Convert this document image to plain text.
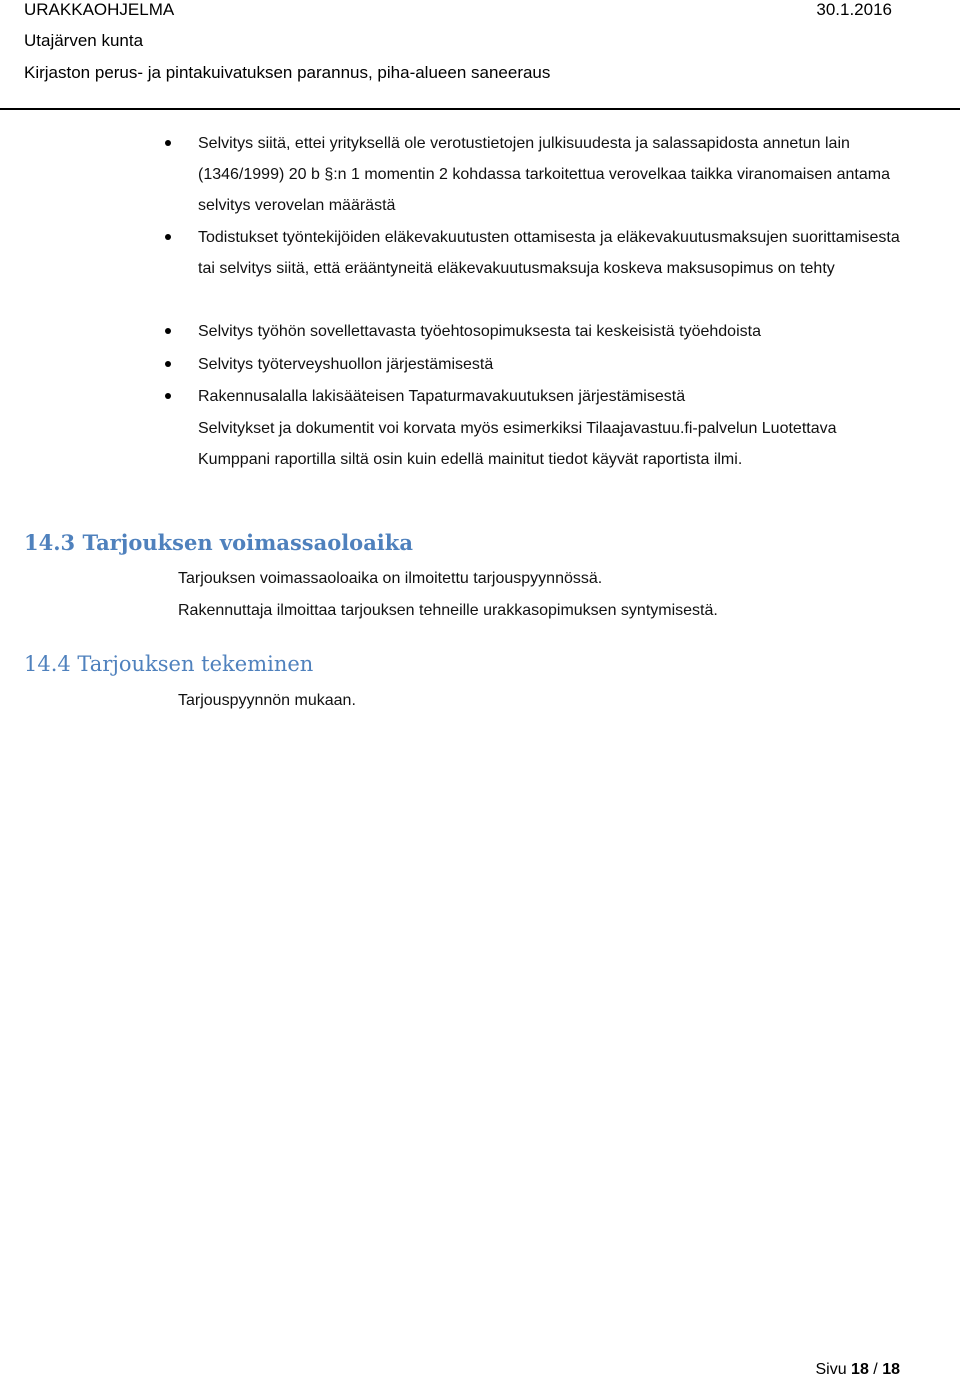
URAKKAOHJELMA	30.1.2016
Utajärven kunta
Kirjaston perus- ja pintakuivatuksen parannus, piha-alueen saneeraus
Selvitys siitä, ettei yrityksellä ole verotustietojen julkisuudesta ja salassapidosta annetun lain (1346/1999) 20 b §:n 1 momentin 2 kohdassa tarkoitettua verovelkaa taikka viranomaisen antama selvitys verovelan määrästä
Todistukset työntekijöiden eläkevakuutusten ottamisesta ja eläkevakuutusmaksujen suorittamisesta tai selvitys siitä, että erääntyneitä eläkevakuutusmaksuja koskeva maksusopimus on tehty
Selvitys työhön sovellettavasta työehtosopimuksesta tai keskeisistä työehdoista
Selvitys työterveyshuollon järjestämisestä
Rakennusalalla lakisääteisen Tapaturmavakuutuksen järjestämisestä
Selvitykset ja dokumentit voi korvata myös esimerkiksi Tilaajavastuu.fi-palvelun Luotettava Kumppani raportilla siltä osin kuin edellä mainitut tiedot käyvät raportista ilmi.
14.3 Tarjouksen voimassaoloaika
Tarjouksen voimassaoloaika on ilmoitettu tarjouspyynnössä.
Rakennuttaja ilmoittaa tarjouksen tehneille urakkasopimuksen syntymisestä.
14.4 Tarjouksen tekeminen
Tarjouspyynnön mukaan.
Sivu 18 / 18
